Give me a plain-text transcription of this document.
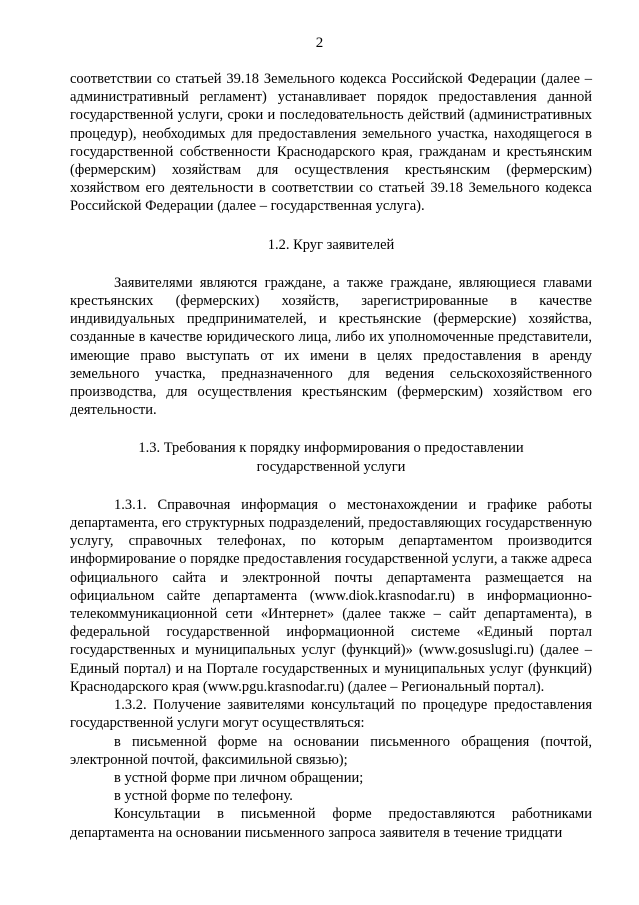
2

соответствии со статьей 39.18 Земельного кодекса Российской Федерации (далее – административный регламент) устанавливает порядок предоставления данной государственной услуги, сроки и последовательность действий (административных процедур), необходимых для предоставления земельного участка, находящегося в государственной собственности Краснодарского края, гражданам и крестьянским (фермерским) хозяйствам для осуществления крестьянским (фермерским) хозяйством его деятельности в соответствии со статьей 39.18 Земельного кодекса Российской Федерации (далее – государственная услуга).

1.2. Круг заявителей

Заявителями являются граждане, а также граждане, являющиеся главами крестьянских (фермерских) хозяйств, зарегистрированные в качестве индивидуальных предпринимателей, и крестьянские (фермерские) хозяйства, созданные в качестве юридического лица, либо их уполномоченные представители, имеющие право выступать от их имени в целях предоставления в аренду земельного участка, предназначенного для ведения сельскохозяйственного производства, для осуществления крестьянским (фермерским) хозяйством его деятельности.

1.3. Требования к порядку информирования о предоставлении

государственной услуги

1.3.1. Справочная информация о местонахождении и графике работы департамента, его структурных подразделений, предоставляющих государственную услугу, справочных телефонах, по которым департаментом производится информирование о порядке предоставления государственной услуги, а также адреса официального сайта и электронной почты департамента размещается на официальном сайте департамента (www.diok.krasnodar.ru) в информационно-телекоммуникационной сети «Интернет» (далее также – сайт департамента), в федеральной государственной информационной системе «Единый портал государственных и муниципальных услуг (функций)» (www.gosuslugi.ru) (далее – Единый портал) и на Портале государственных и муниципальных услуг (функций) Краснодарского края (www.pgu.krasnodar.ru) (далее – Региональный портал).

1.3.2. Получение заявителями консультаций по процедуре предоставления государственной услуги могут осуществляться:

в письменной форме на основании письменного обращения (почтой, электронной почтой, факсимильной связью);

в устной форме при личном обращении;

в устной форме по телефону.

Консультации в письменной форме предоставляются работниками департамента на основании письменного запроса заявителя в течение тридцати
